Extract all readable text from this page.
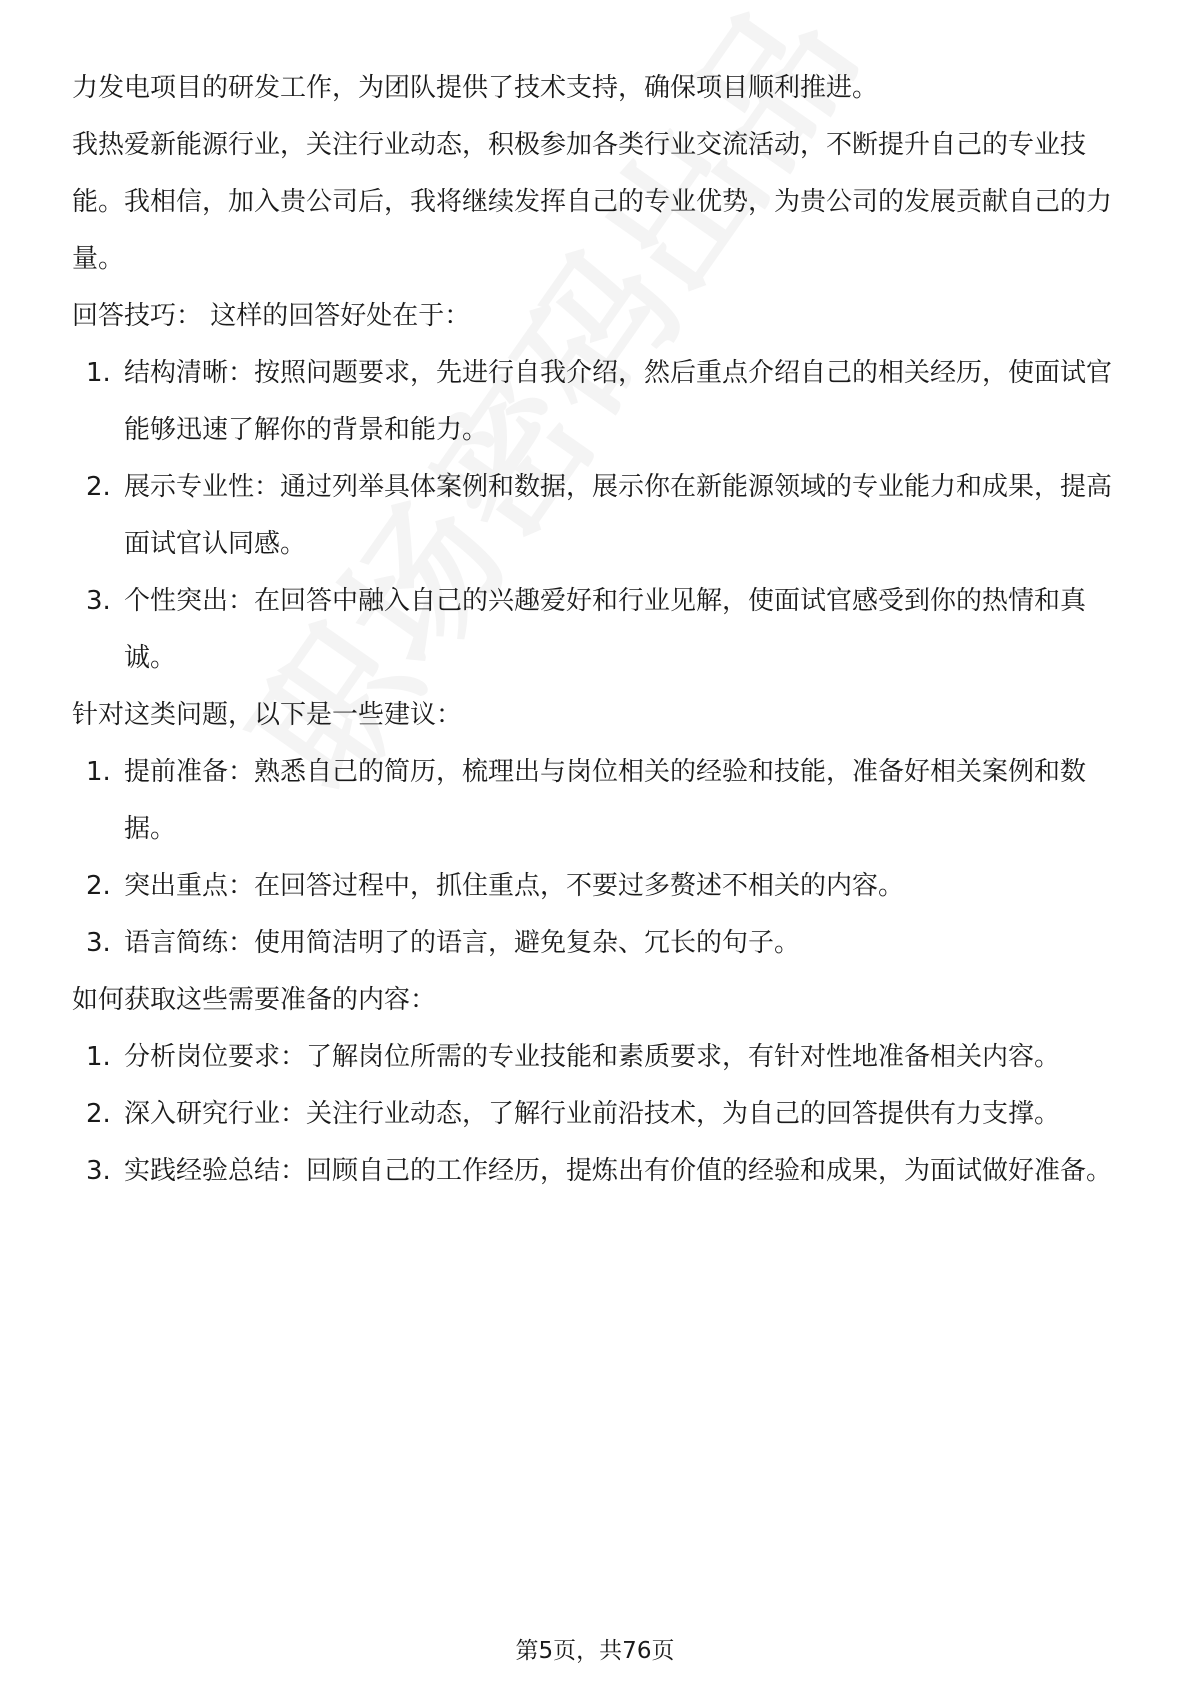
力发电项目的研发工作，为团队提供了技术支持，确保项目顺利推进。

我热爱新能源行业，关注行业动态，积极参加各类行业交流活动，不断提升自己的专业技能。我相信，加入贵公司后，我将继续发挥自己的专业优势，为贵公司的发展贡献自己的力量。

回答技巧： 这样的回答好处在于：

1. 结构清晰：按照问题要求，先进行自我介绍，然后重点介绍自己的相关经历，使面试官能够迅速了解你的背景和能力。
2. 展示专业性：通过列举具体案例和数据，展示你在新能源领域的专业能力和成果，提高面试官认同感。
3. 个性突出：在回答中融入自己的兴趣爱好和行业见解，使面试官感受到你的热情和真诚。

针对这类问题，以下是一些建议：

1. 提前准备：熟悉自己的简历，梳理出与岗位相关的经验和技能，准备好相关案例和数据。
2. 突出重点：在回答过程中，抓住重点，不要过多赘述不相关的内容。
3. 语言简练：使用简洁明了的语言，避免复杂、冗长的句子。

如何获取这些需要准备的内容：

1. 分析岗位要求：了解岗位所需的专业技能和素质要求，有针对性地准备相关内容。
2. 深入研究行业：关注行业动态，了解行业前沿技术，为自己的回答提供有力支撑。
3. 实践经验总结：回顾自己的工作经历，提炼出有价值的经验和成果，为面试做好准备。
第5页，共76页
